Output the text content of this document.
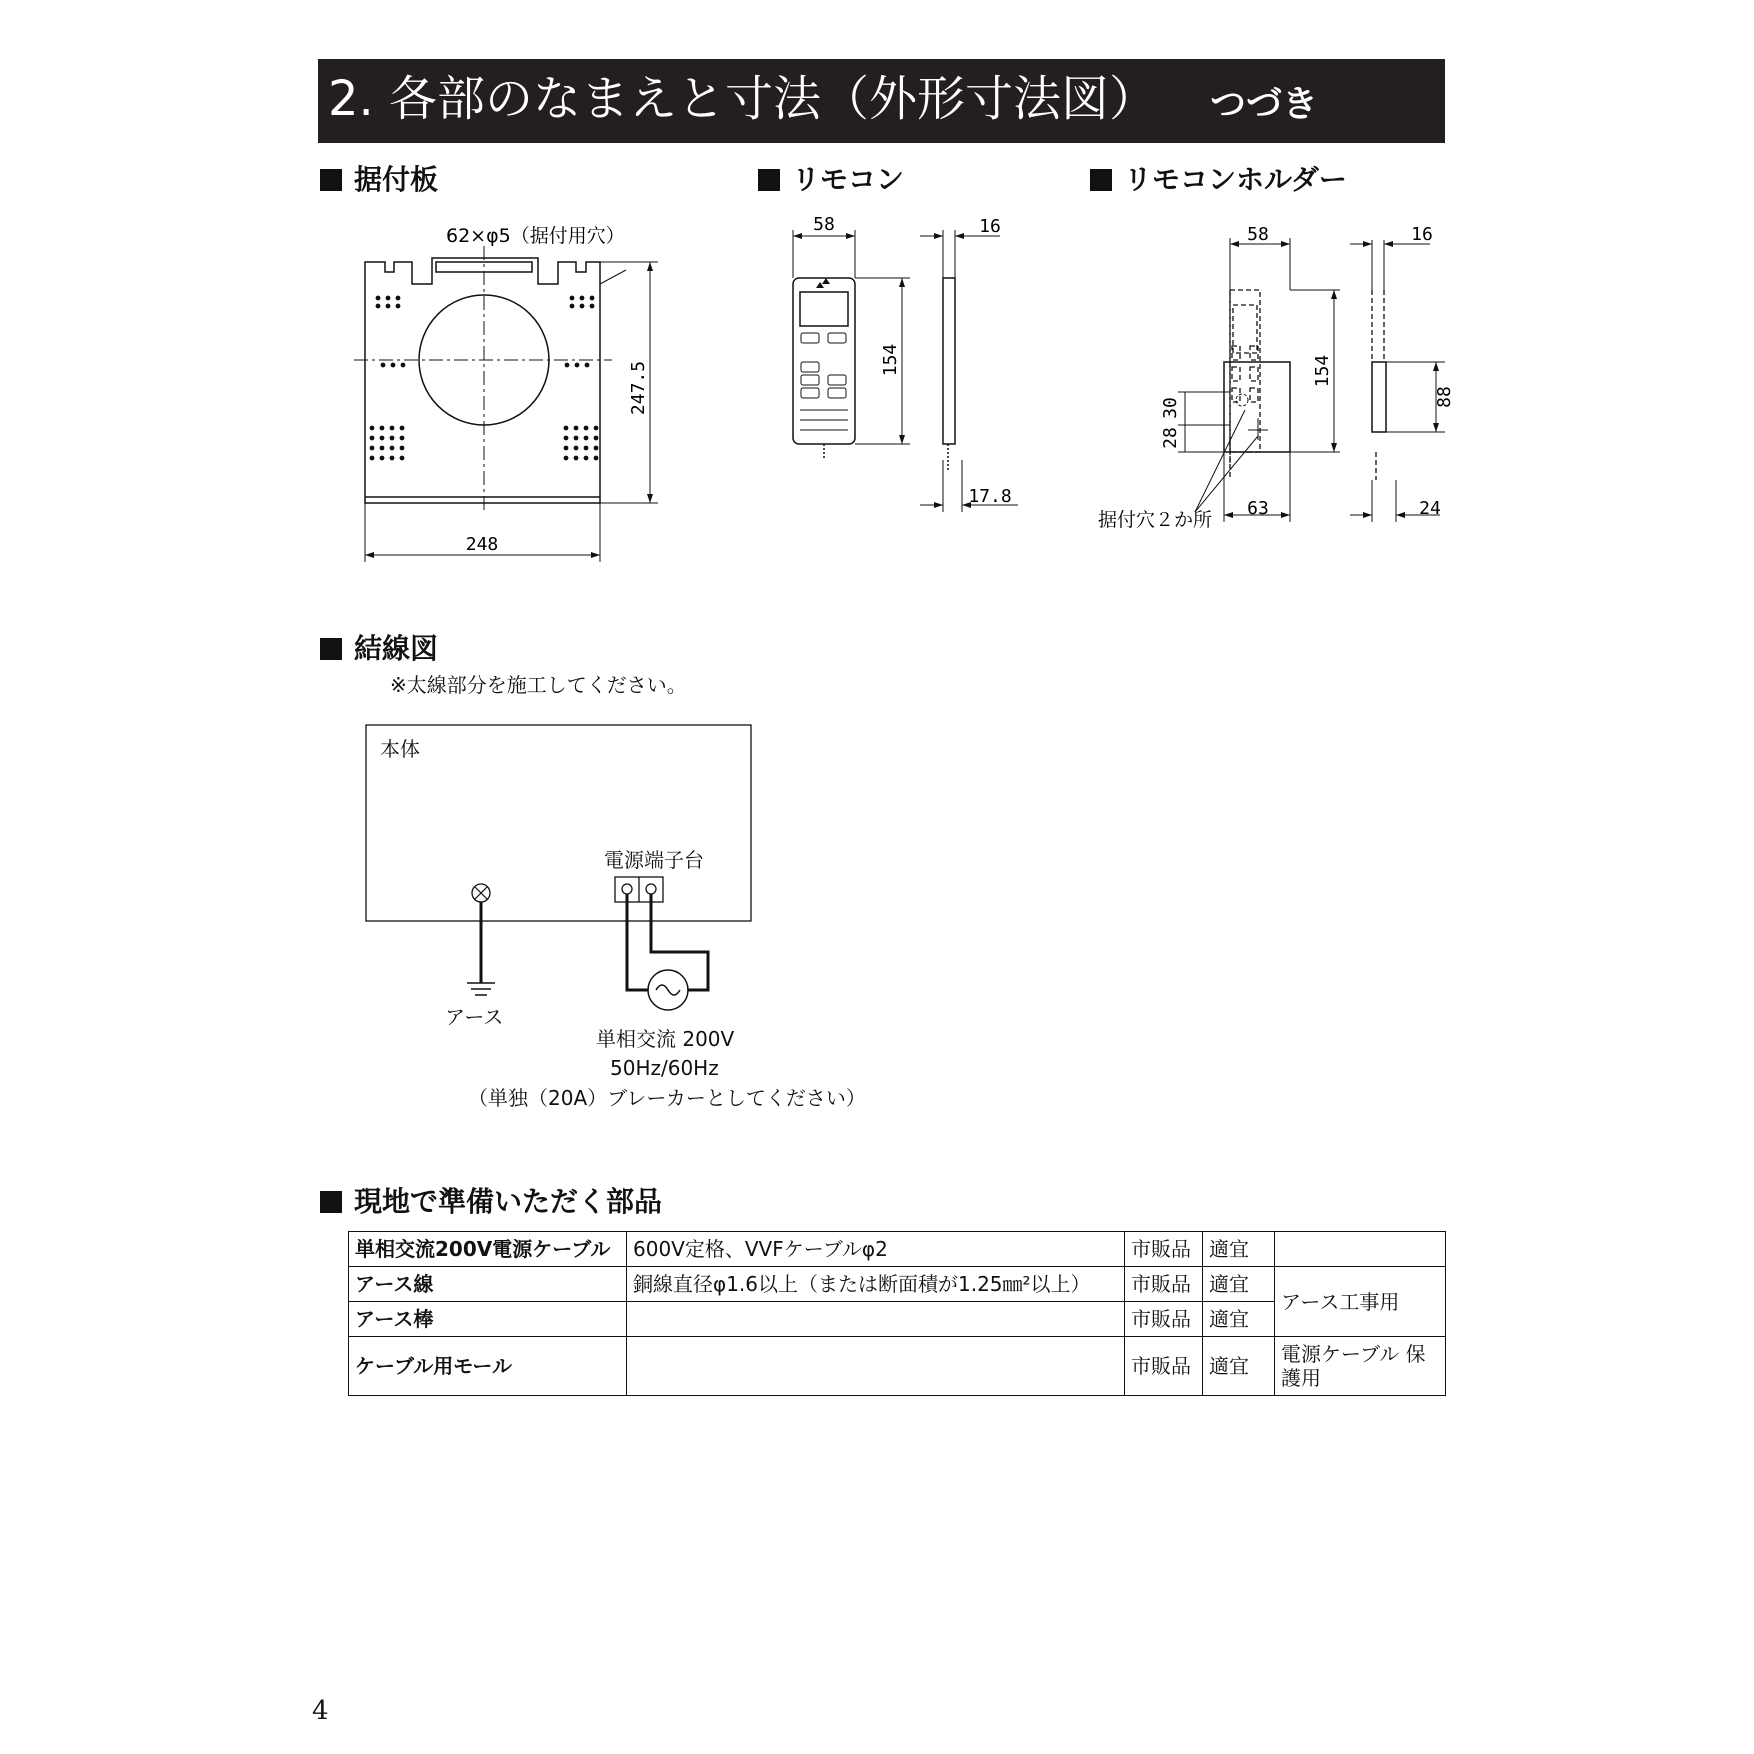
2. 各部のなまえと寸法（外形寸法図） つづき
据付板	リモコン	リモコンホルダー
62×φ5（据付用穴）
248
247.5
58	16
154
17.8
58	16
154
28
30
88
63	24
据付穴２か所
結線図
※太線部分を施工してください。
本体
電源端子台
アース
単相交流 200V
50Hz/60Hz
（単独（20A）ブレーカーとしてください）
現地で準備いただく部品
単相交流200V電源ケーブル	600V定格、VVFケーブルφ2	市販品	適宜	
アース線	銅線直径φ1.6以上（または断面積が1.25㎜²以上）	市販品	適宜	アース工事用
アース棒		市販品	適宜	
ケーブル用モール		市販品	適宜	電源ケーブル 保護用
4
